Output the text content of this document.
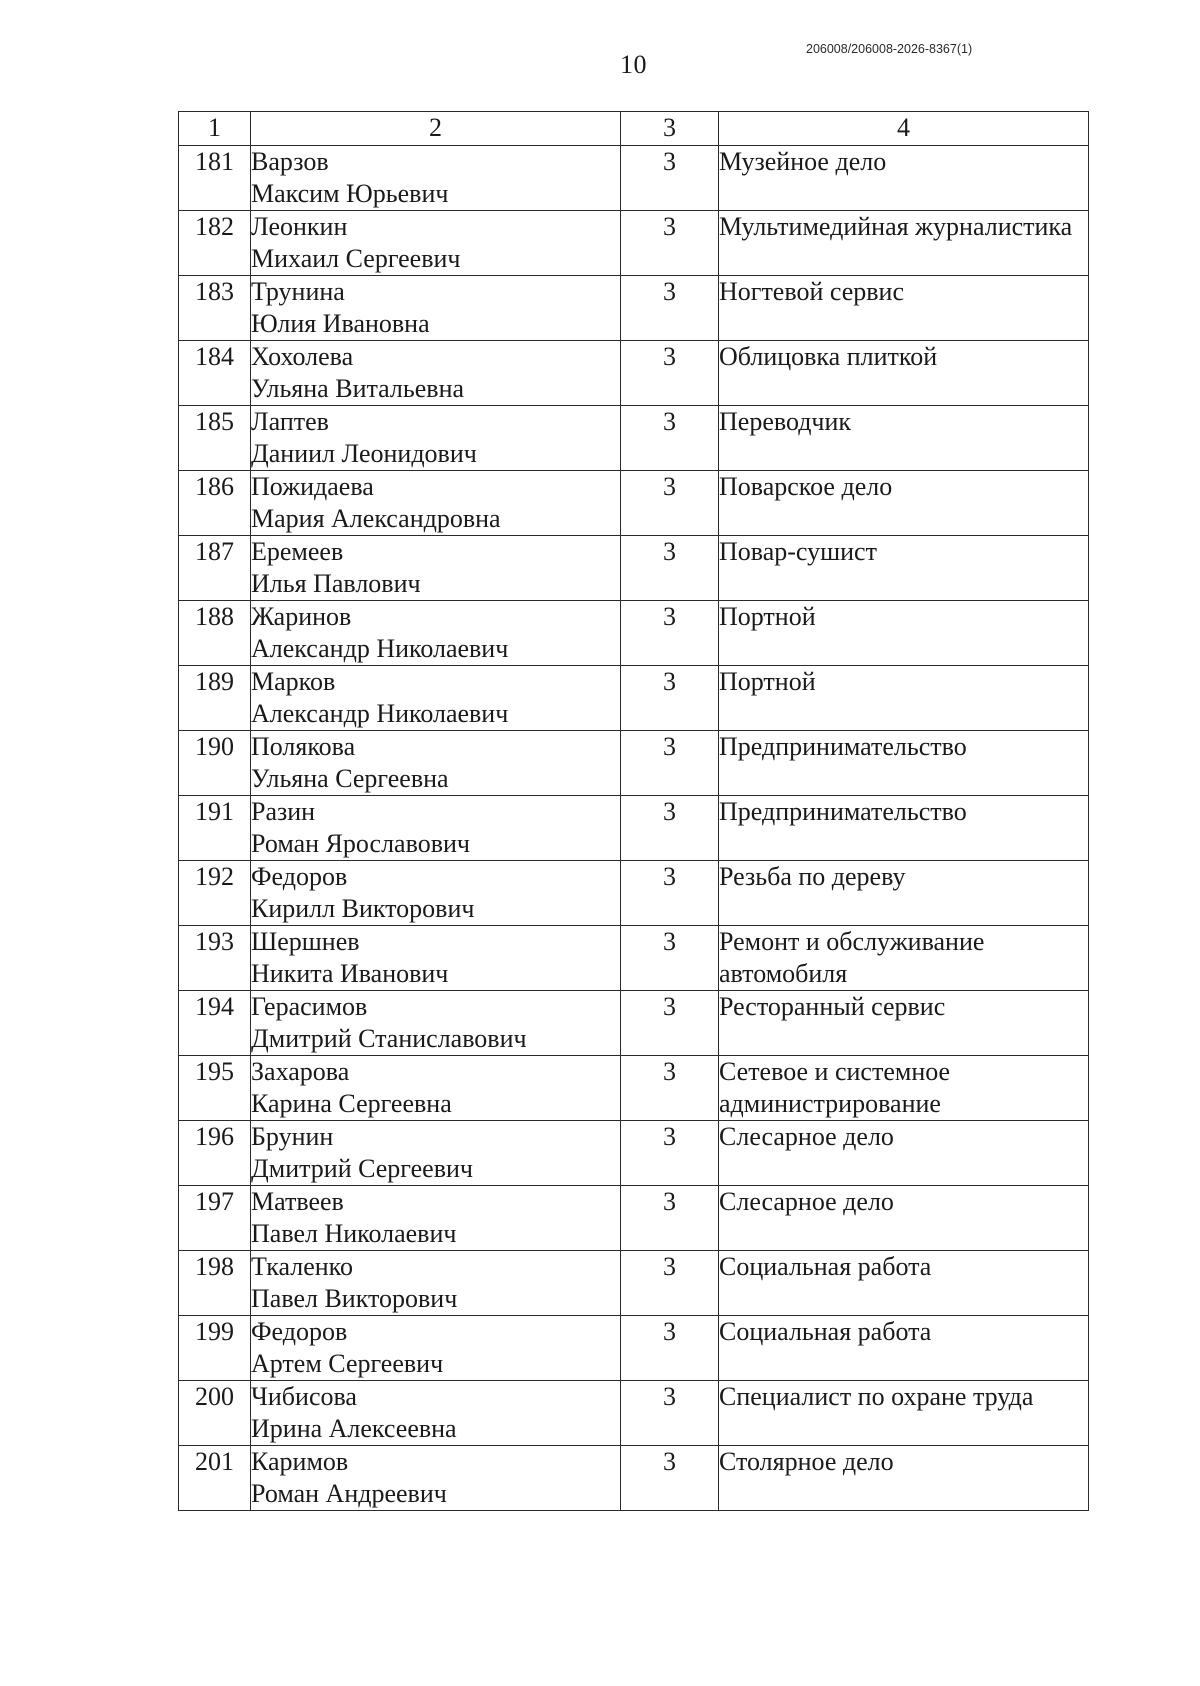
206008/206008-2026-8367(1)
10
1	2	3	4
181	Варзов
Максим Юрьевич	3	Музейное дело
182	Леонкин
Михаил Сергеевич	3	Мультимедийная журналистика
183	Трунина
Юлия Ивановна	3	Ногтевой сервис
184	Хохолева
Ульяна Витальевна	3	Облицовка плиткой
185	Лаптев
Даниил Леонидович	3	Переводчик
186	Пожидаева
Мария Александровна	3	Поварское дело
187	Еремеев
Илья Павлович	3	Повар-сушист
188	Жаринов
Александр Николаевич	3	Портной
189	Марков
Александр Николаевич	3	Портной
190	Полякова
Ульяна Сергеевна	3	Предпринимательство
191	Разин
Роман Ярославович	3	Предпринимательство
192	Федоров
Кирилл Викторович	3	Резьба по дереву
193	Шершнев
Никита Иванович	3	Ремонт и обслуживание автомобиля
194	Герасимов
Дмитрий Станиславович	3	Ресторанный сервис
195	Захарова
Карина Сергеевна	3	Сетевое и системное администрирование
196	Брунин
Дмитрий Сергеевич	3	Слесарное дело
197	Матвеев
Павел Николаевич	3	Слесарное дело
198	Ткаленко
Павел Викторович	3	Социальная работа
199	Федоров
Артем Сергеевич	3	Социальная работа
200	Чибисова
Ирина Алексеевна	3	Специалист по охране труда
201	Каримов
Роман Андреевич	3	Столярное дело
